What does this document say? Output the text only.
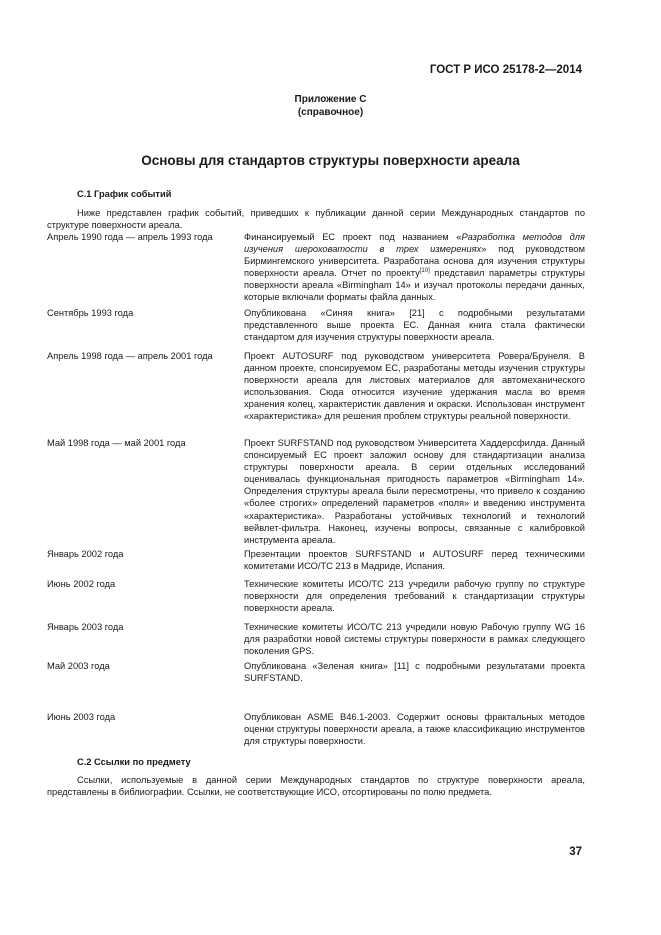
ГОСТ Р ИСО 25178-2—2014
Приложение С
(справочное)
Основы для стандартов структуры поверхности ареала
С.1 График событий
Ниже представлен график событий, приведших к публикации данной серии Международных стандартов по структуре поверхности ареала.
Апрель 1990 года — апрель 1993 года	Финансируемый ЕС проект под названием «Разработка методов для изучения шероховатости в трех измерениях» под руководством Бирмингемского университета. Разработана основа для изучения структуры поверхности ареала. Отчет по проекту[10] представил параметры структуры поверхности ареала «Birmingham 14» и изучал протоколы передачи данных, которые включали форматы файла данных.
Сентябрь 1993 года	Опубликована «Синяя книга» [21] с подробными результатами представленного выше проекта ЕС. Данная книга стала фактически стандартом для изучения структуры поверхности ареала.
Апрель 1998 года — апрель 2001 года	Проект AUTOSURF под руководством университета Ровера/Брунеля. В данном проекте, спонсируемом ЕС, разработаны методы изучения структуры поверхности ареала для листовых материалов для автомеханического использования. Сюда относится изучение удержания масла во время хранения колец, характеристик давления и окраски. Использован инструмент «характеристика» для решения проблем структуры реальной поверхности.
Май 1998 года — май 2001 года	Проект SURFSTAND под руководством Университета Хаддерсфилда. Данный спонсируемый ЕС проект заложил основу для стандартизации анализа структуры поверхности ареала. В серии отдельных исследований оценивалась функциональная пригодность параметров «Birmingham 14». Определения структуры ареала были пересмотрены, что привело к созданию «более строгих» определений параметров «поля» и введению инструмента «характеристика». Разработаны устойчивых технологий и технологий вейвлет-фильтра. Наконец, изучены вопросы, связанные с калибровкой инструмента ареала.
Январь 2002 года	Презентации проектов SURFSTAND и AUTOSURF перед техническими комитетами ИСО/ТС 213 в Мадриде, Испания.
Июнь 2002 года	Технические комитеты ИСО/ТС 213 учредили рабочую группу по структуре поверхности для определения требований к стандартизации структуры поверхности ареала.
Январь 2003 года	Технические комитеты ИСО/ТС 213 учредили новую Рабочую группу WG 16 для разработки новой системы структуры поверхности в рамках следующего поколения GPS.
Май 2003 года	Опубликована «Зеленая книга» [11] с подробными результатами проекта SURFSTAND.
Июнь 2003 года	Опубликован ASME B46.1-2003. Содержит основы фрактальных методов оценки структуры поверхности ареала, а также классификацию инструментов для структуры поверхности.
С.2 Ссылки по предмету
Ссылки, используемые в данной серии Международных стандартов по структуре поверхности ареала, представлены в библиографии. Ссылки, не соответствующие ИСО, отсортированы по полю предмета.
37
